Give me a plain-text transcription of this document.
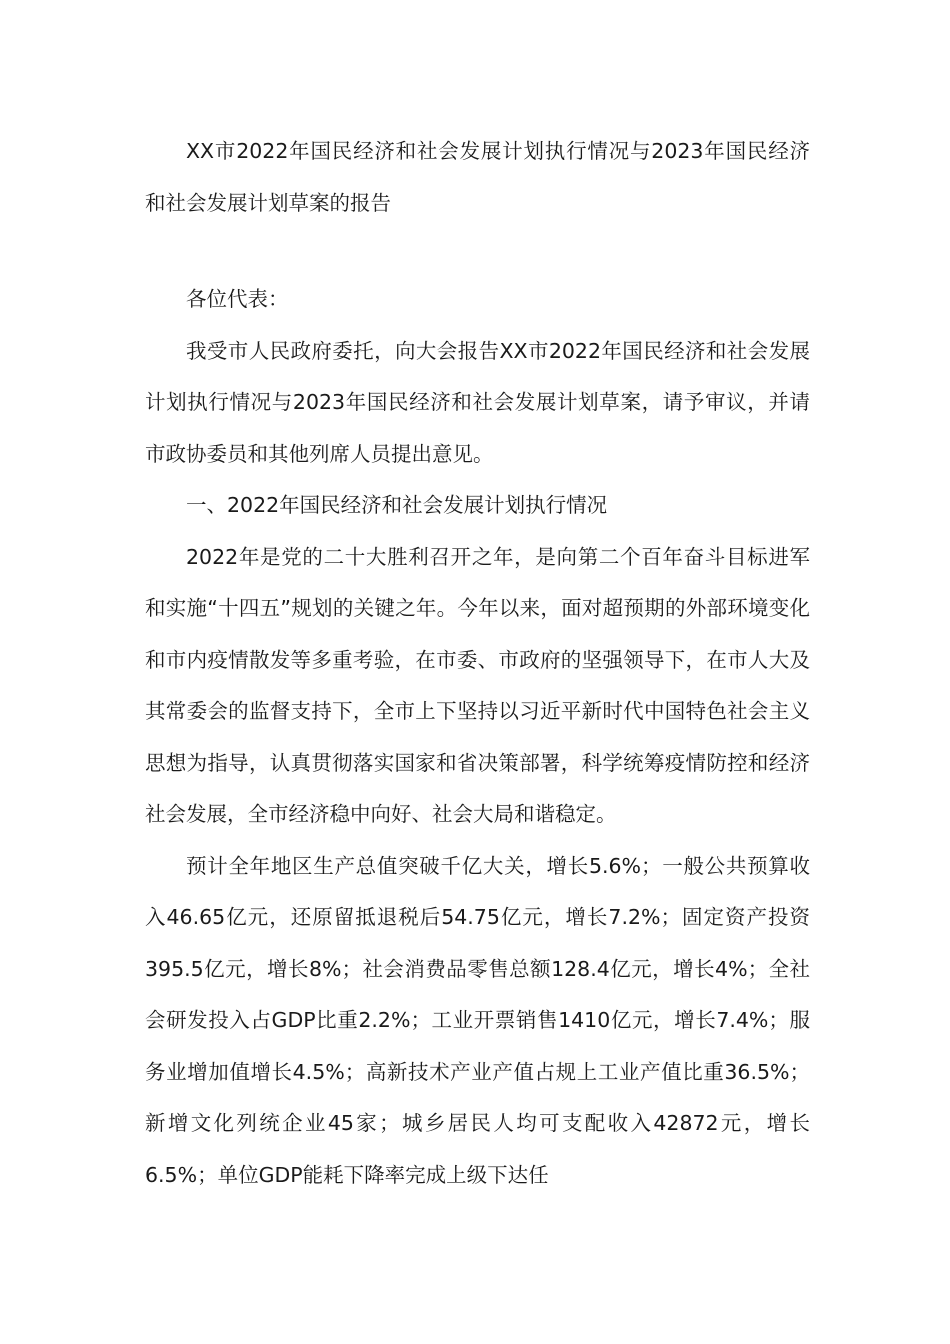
XX市2022年国民经济和社会发展计划执行情况与2023年国民经济和社会发展计划草案的报告

各位代表：

我受市人民政府委托，向大会报告XX市2022年国民经济和社会发展计划执行情况与2023年国民经济和社会发展计划草案，请予审议，并请市政协委员和其他列席人员提出意见。

一、2022年国民经济和社会发展计划执行情况

2022年是党的二十大胜利召开之年，是向第二个百年奋斗目标进军和实施“十四五”规划的关键之年。今年以来，面对超预期的外部环境变化和市内疫情散发等多重考验，在市委、市政府的坚强领导下，在市人大及其常委会的监督支持下，全市上下坚持以习近平新时代中国特色社会主义思想为指导，认真贯彻落实国家和省决策部署，科学统筹疫情防控和经济社会发展，全市经济稳中向好、社会大局和谐稳定。

预计全年地区生产总值突破千亿大关，增长5.6%；一般公共预算收入46.65亿元，还原留抵退税后54.75亿元，增长7.2%；固定资产投资395.5亿元，增长8%；社会消费品零售总额128.4亿元，增长4%；全社会研发投入占GDP比重2.2%；工业开票销售1410亿元，增长7.4%；服务业增加值增长4.5%；高新技术产业产值占规上工业产值比重36.5%；新增文化列统企业45家；城乡居民人均可支配收入42872元，增长6.5%；单位GDP能耗下降率完成上级下达任
